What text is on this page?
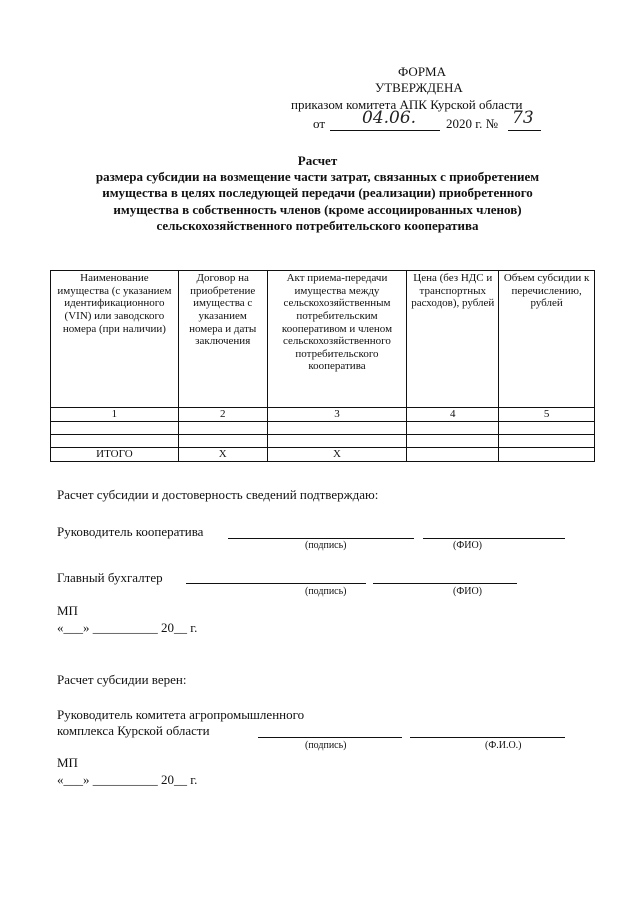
ФОРМА
УТВЕРЖДЕНА
приказом комитета АПК Курской области
от 04.06. 2020 г. № 73
Расчет
размера субсидии на возмещение части затрат, связанных с приобретением
имущества в целях последующей передачи (реализации) приобретенного
имущества в собственность членов (кроме ассоциированных членов)
сельскохозяйственного потребительского кооператива
Наименование имущества (с указанием идентификационного (VIN) или заводского номера (при наличии)	Договор на приобретение имущества с указанием номера и даты заключения	Акт приема-передачи имущества между сельскохозяйственным потребительским кооперативом и членом сельскохозяйственного потребительского кооператива	Цена (без НДС и транспортных расходов), рублей	Объем субсидии к перечислению, рублей
1	2	3	4	5

ИТОГО	Х	Х		
Расчет субсидии и достоверность сведений подтверждаю:
Руководитель кооператива
(подпись)	(ФИО)
Главный бухгалтер
(подпись)	(ФИО)
МП
«___» __________ 20__ г.
Расчет субсидии верен:
Руководитель комитета агропромышленного
комплекса Курской области
(подпись)	(Ф.И.О.)
МП
«___» __________ 20__ г.
